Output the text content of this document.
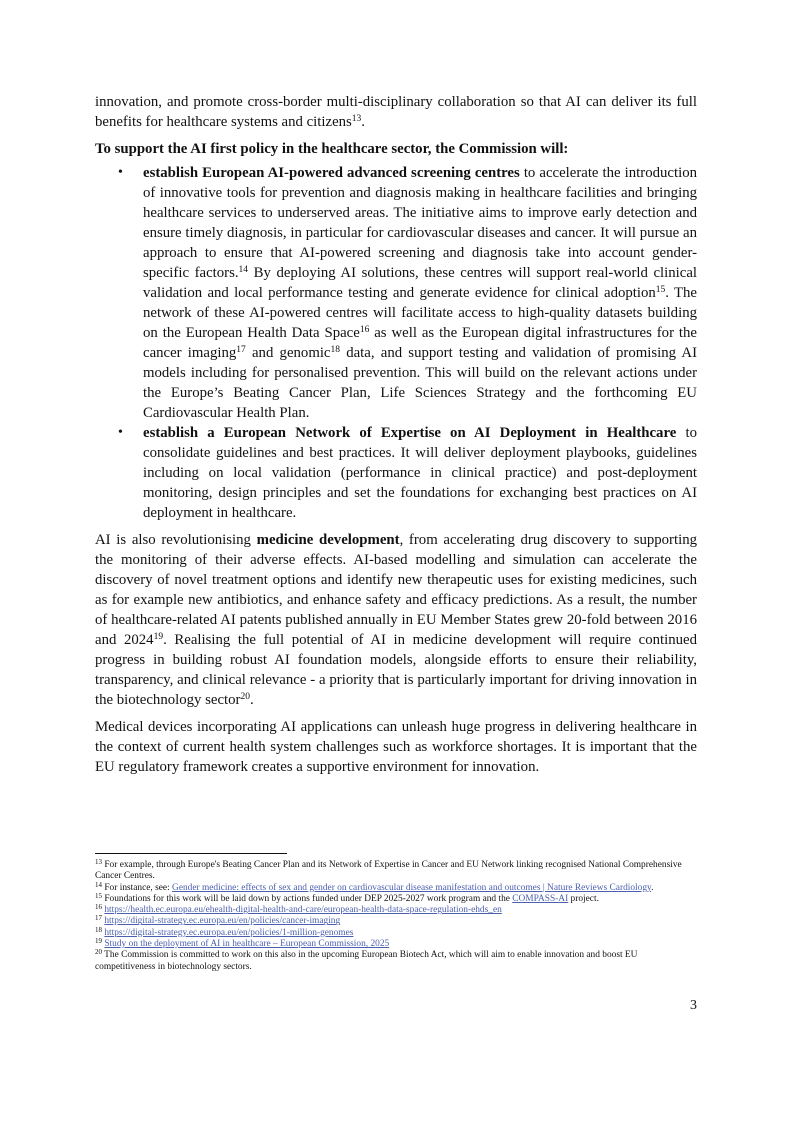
innovation, and promote cross-border multi-disciplinary collaboration so that AI can deliver its full benefits for healthcare systems and citizens$^{13}$.

To support the AI first policy in the healthcare sector, the Commission will:

• establish European AI-powered advanced screening centres to accelerate the introduction of innovative tools for prevention and diagnosis making in healthcare facilities and bringing healthcare services to underserved areas. The initiative aims to improve early detection and ensure timely diagnosis, in particular for cardiovascular diseases and cancer. It will pursue an approach to ensure that AI-powered screening and diagnosis take into account gender-specific factors.$^{14}$ By deploying AI solutions, these centres will support real-world clinical validation and local performance testing and generate evidence for clinical adoption$^{15}$. The network of these AI-powered centres will facilitate access to high-quality datasets building on the European Health Data Space$^{16}$ as well as the European digital infrastructures for the cancer imaging$^{17}$ and genomic$^{18}$ data, and support testing and validation of promising AI models including for personalised prevention. This will build on the relevant actions under the Europe’s Beating Cancer Plan, Life Sciences Strategy and the forthcoming EU Cardiovascular Health Plan.
• establish a European Network of Expertise on AI Deployment in Healthcare to consolidate guidelines and best practices. It will deliver deployment playbooks, guidelines including on local validation (performance in clinical practice) and post-deployment monitoring, design principles and set the foundations for exchanging best practices on AI deployment in healthcare.

AI is also revolutionising medicine development, from accelerating drug discovery to supporting the monitoring of their adverse effects. AI-based modelling and simulation can accelerate the discovery of novel treatment options and identify new therapeutic uses for existing medicines, such as for example new antibiotics, and enhance safety and efficacy predictions. As a result, the number of healthcare-related AI patents published annually in EU Member States grew 20-fold between 2016 and 2024$^{19}$. Realising the full potential of AI in medicine development will require continued progress in building robust AI foundation models, alongside efforts to ensure their reliability, transparency, and clinical relevance - a priority that is particularly important for driving innovation in the biotechnology sector$^{20}$.

Medical devices incorporating AI applications can unleash huge progress in delivering healthcare in the context of current health system challenges such as workforce shortages. It is important that the EU regulatory framework creates a supportive environment for innovation.

$^{13}$ For example, through Europe's Beating Cancer Plan and its Network of Expertise in Cancer and EU Network linking recognised National Comprehensive Cancer Centres.
$^{14}$ For instance, see: Gender medicine: effects of sex and gender on cardiovascular disease manifestation and outcomes | Nature Reviews Cardiology.
$^{15}$ Foundations for this work will be laid down by actions funded under DEP 2025-2027 work program and the COMPASS-AI project.
$^{16}$ https://health.ec.europa.eu/ehealth-digital-health-and-care/european-health-data-space-regulation-ehds_en
$^{17}$ https://digital-strategy.ec.europa.eu/en/policies/cancer-imaging
$^{18}$ https://digital-strategy.ec.europa.eu/en/policies/1-million-genomes
$^{19}$ Study on the deployment of AI in healthcare – European Commission, 2025
$^{20}$ The Commission is committed to work on this also in the upcoming European Biotech Act, which will aim to enable innovation and boost EU competitiveness in biotechnology sectors.
3
